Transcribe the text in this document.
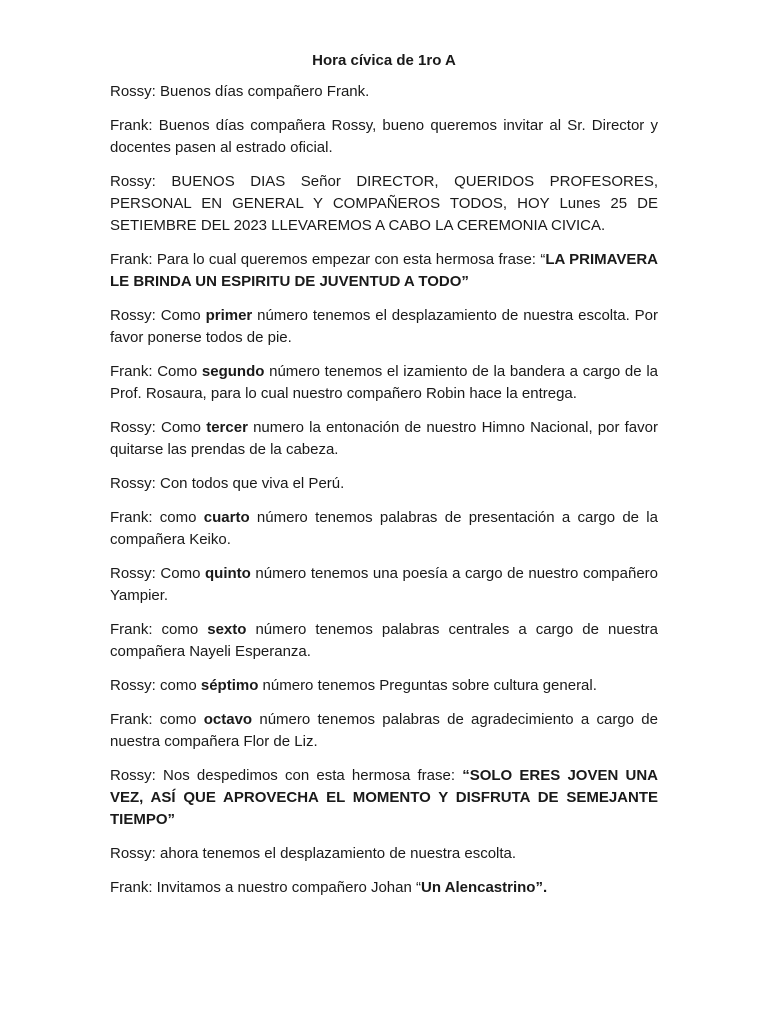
Hora cívica de 1ro A

Rossy: Buenos días compañero Frank.

Frank: Buenos días compañera Rossy, bueno queremos invitar al Sr. Director y docentes pasen al estrado oficial.

Rossy: BUENOS DIAS Señor DIRECTOR, QUERIDOS PROFESORES, PERSONAL EN GENERAL Y COMPAÑEROS TODOS, HOY Lunes 25 DE SETIEMBRE DEL 2023 LLEVAREMOS A CABO LA CEREMONIA CIVICA.

Frank: Para lo cual queremos empezar con esta hermosa frase: “LA PRIMAVERA LE BRINDA UN ESPIRITU DE JUVENTUD A TODO”

Rossy: Como primer número tenemos el desplazamiento de nuestra escolta. Por favor ponerse todos de pie.

Frank: Como segundo número tenemos el izamiento de la bandera a cargo de la Prof. Rosaura, para lo cual nuestro compañero Robin hace la entrega.

Rossy: Como tercer numero la entonación de nuestro Himno Nacional, por favor quitarse las prendas de la cabeza.

Rossy: Con todos que viva el Perú.

Frank: como cuarto número tenemos palabras de presentación a cargo de la compañera Keiko.

Rossy: Como quinto número tenemos una poesía a cargo de nuestro compañero Yampier.

Frank: como sexto número tenemos palabras centrales a cargo de nuestra compañera Nayeli Esperanza.

Rossy: como séptimo número tenemos Preguntas sobre cultura general.

Frank: como octavo número tenemos palabras de agradecimiento a cargo de nuestra compañera Flor de Liz.

Rossy: Nos despedimos con esta hermosa frase: “SOLO ERES JOVEN UNA VEZ, ASÍ QUE APROVECHA EL MOMENTO Y DISFRUTA DE SEMEJANTE TIEMPO”

Rossy: ahora tenemos el desplazamiento de nuestra escolta.

Frank: Invitamos a nuestro compañero Johan “Un Alencastrino”.
